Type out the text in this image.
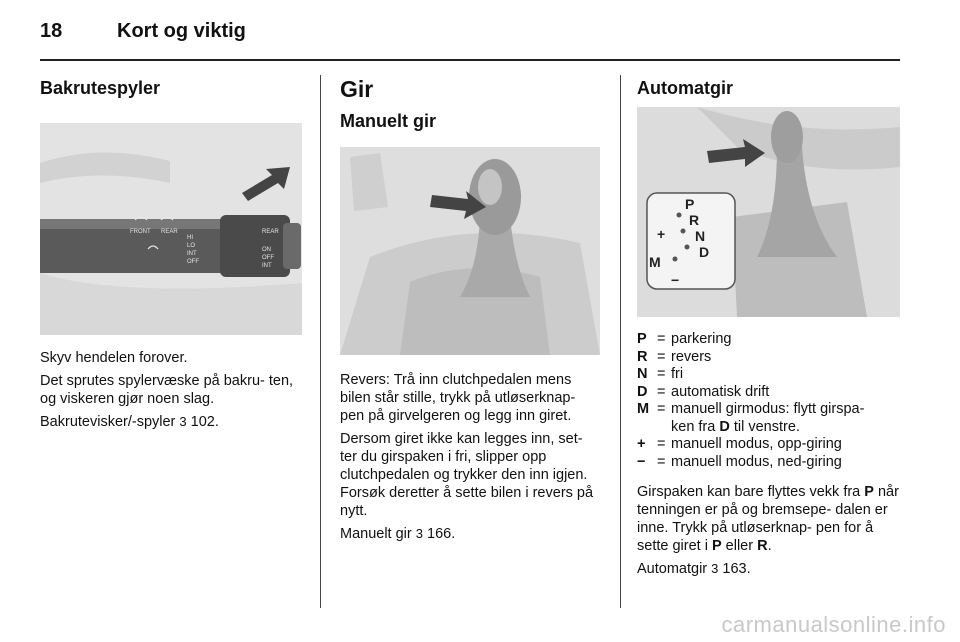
18	Kort og viktig
Bakrutespyler
FRONT REAR
HI
LO
INT
OFF
REAR
ON
OFF
INT

Skyv hendelen forover.

Det sprutes spylervæske på bakru- ten, og viskeren gjør noen slag.

Bakrutevisker/-spyler 3 102.

Gir
Manuelt gir

Revers: Trå inn clutchpedalen mens bilen står stille, trykk på utløserknap- pen på girvelgeren og legg inn giret.

Dersom giret ikke kan legges inn, set- ter du girspaken i fri, slipper opp clutchpedalen og trykker den inn igjen. Forsøk deretter å sette bilen i revers på nytt.

Manuelt gir 3 166.

Automatgir
P
R
N
D
M
+
−
P = parkering
R = revers
N = fri
D = automatisk drift
M = manuell girmodus: flytt girspa-
ken fra D til venstre.
+ = manuell modus, opp-giring
− = manuell modus, ned-giring

Girspaken kan bare flyttes vekk fra P når tenningen er på og bremsepe- dalen er inne. Trykk på utløserknap- pen for å sette giret i P eller R.

Automatgir 3 163.

carmanualsonline.info
